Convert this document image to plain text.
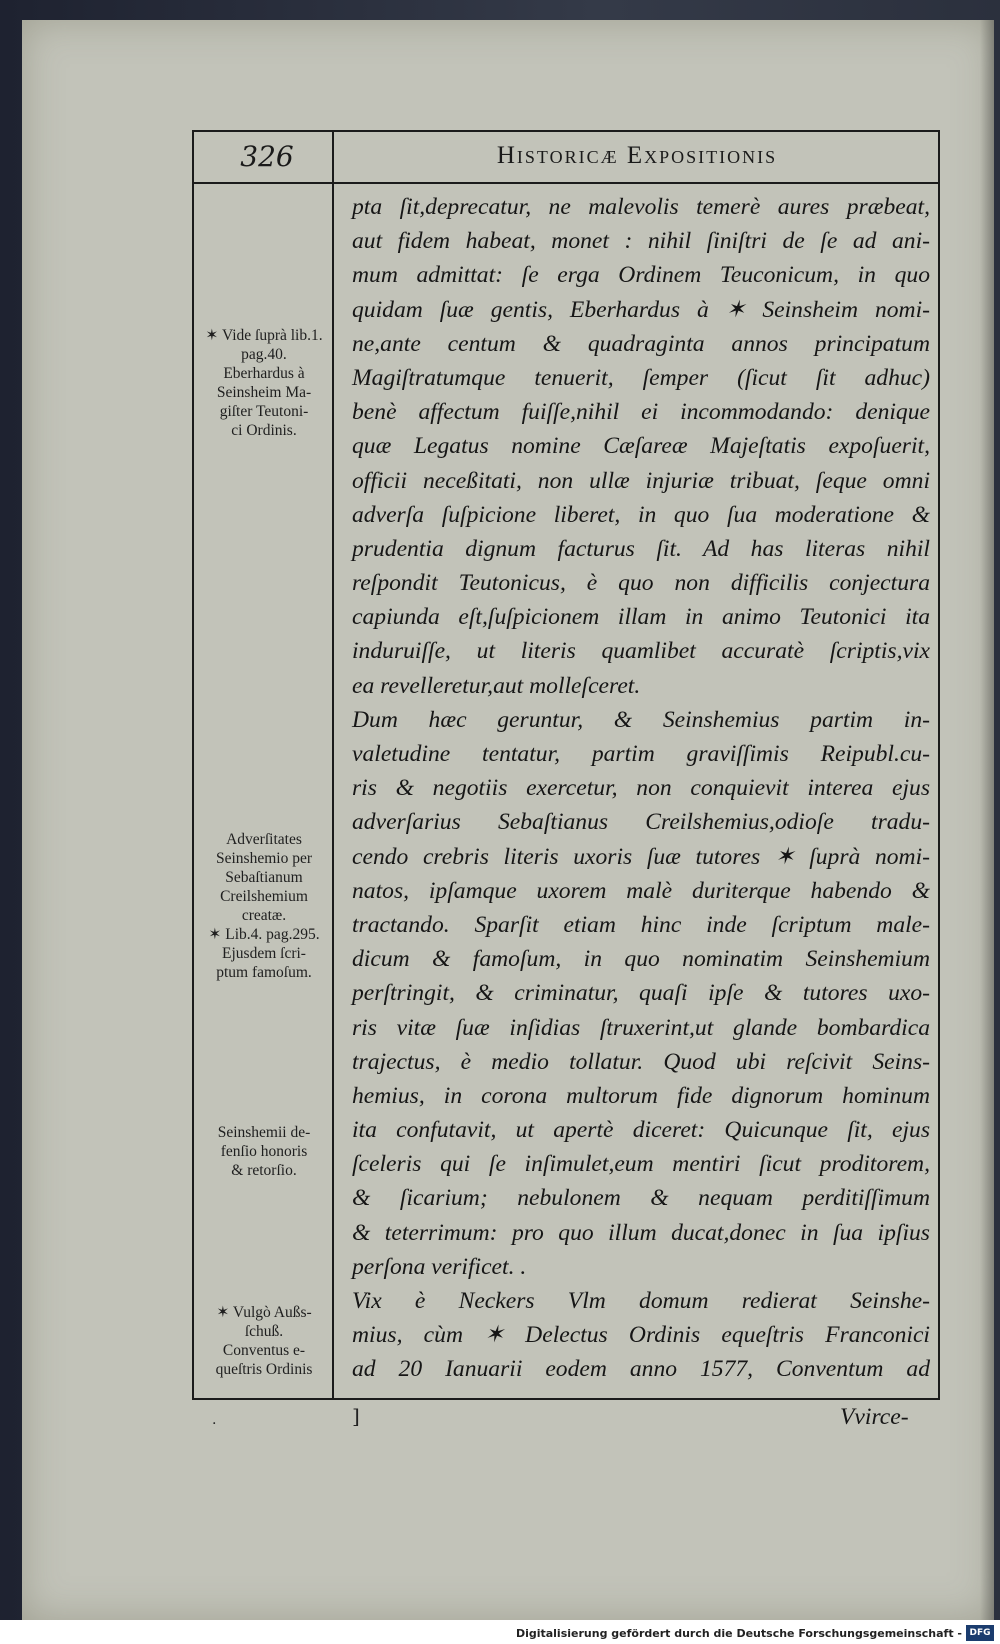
326	Historicæ Expositionis
pta ſit,deprecatur, ne malevolis temerè aures præbeat,
aut fidem habeat, monet : nihil ſiniſtri de ſe ad ani-
mum admittat: ſe erga Ordinem Teuconicum, in quo
quidam ſuæ gentis, Eberhardus à ✶ Seinsheim nomi-
ne,ante centum & quadraginta annos principatum
Magiſtratumque tenuerit, ſemper (ſicut ſit adhuc)
benè affectum fuiſſe,nihil ei incommodando: denique
quæ Legatus nomine Cæſareæ Majeſtatis expoſuerit,
officii neceßitati, non ullæ injuriæ tribuat, ſeque omni
adverſa ſuſpicione liberet, in quo ſua moderatione &
prudentia dignum facturus ſit. Ad has literas nihil
reſpondit Teutonicus, è quo non difficilis conjectura
capiunda eſt,ſuſpicionem illam in animo Teutonici ita
induruiſſe, ut literis quamlibet accuratè ſcriptis,vix
ea revelleretur,aut molleſceret.
Dum hæc geruntur, & Seinshemius partim in-
valetudine tentatur, partim graviſſimis Reipubl.cu-
ris & negotiis exercetur, non conquievit interea ejus
adverſarius Sebaſtianus Creilshemius,odioſe tradu-
cendo crebris literis uxoris ſuæ tutores ✶ ſuprà nomi-
natos, ipſamque uxorem malè duriterque habendo &
tractando. Sparſit etiam hinc inde ſcriptum male-
dicum & famoſum, in quo nominatim Seinshemium
perſtringit, & criminatur, quaſi ipſe & tutores uxo-
ris vitæ ſuæ inſidias ſtruxerint,ut glande bombardica
trajectus, è medio tollatur. Quod ubi reſcivit Seins-
hemius, in corona multorum fide dignorum hominum
ita confutavit, ut apertè diceret: Quicunque ſit, ejus
ſceleris qui ſe inſimulet,eum mentiri ſicut proditorem,
& ſicarium; nebulonem & nequam perditiſſimum
& teterrimum: pro quo illum ducat,donec in ſua ipſius
perſona verificet. .
Vix è Neckers Vlm domum redierat Seinshe-
mius, cùm ✶ Delectus Ordinis equeſtris Franconici
ad 20 Ianuarii eodem anno 1577, Conventum ad
✶ Vide ſuprà lib.1.
pag.40.
Eberhardus à
Seinsheim Ma-
giſter Teutoni-
ci Ordinis.
Adverſitates
Seinshemio per
Sebaſtianum
Creilshemium
creatæ.
✶ Lib.4. pag.295.
Ejusdem ſcri-
ptum famoſum.
Seinshemii de-
fenſio honoris
& retorſio.
✶ Vulgò Außs-
ſchuß.
Conventus e-
queſtris Ordinis
.	]	Vvirce-
Digitalisierung gefördert durch die Deutsche Forschungsgemeinschaft - DFG
